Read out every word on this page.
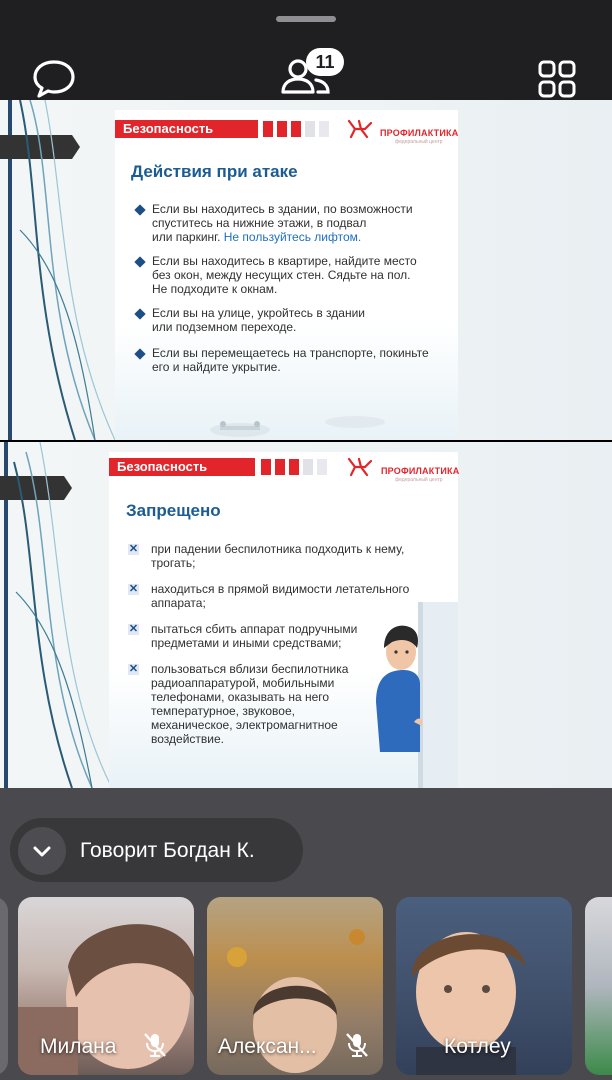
11
Безопасность	ПРОФИЛАКТИКА
федеральный центр
Действия при атаке
Если вы находитесь в здании, по возможности
спуститесь на нижние этажи, в подвал
или паркинг. Не пользуйтесь лифтом.
Если вы находитесь в квартире, найдите место
без окон, между несущих стен. Сядьте на пол.
Не подходите к окнам.
Если вы на улице, укройтесь в здании
или подземном переходе.
Если вы перемещаетесь на транспорте, покиньте
его и найдите укрытие.
Безопасность	ПРОФИЛАКТИКА
федеральный центр
Запрещено
✕ при падении беспилотника подходить к нему,
трогать;
✕ находиться в прямой видимости летательного
аппарата;
✕ пытаться сбить аппарат подручными
предметами и иными средствами;
✕ пользоваться вблизи беспилотника
радиоаппаратурой, мобильными
телефонами, оказывать на него
температурное, звуковое,
механическое, электромагнитное
воздействие.
Говорит Богдан К.
Милана	Алексан...	Котлеу
